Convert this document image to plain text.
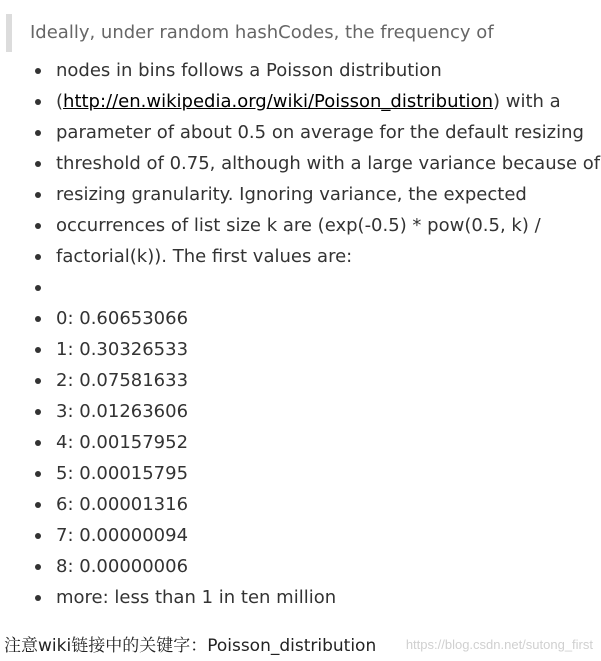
Ideally, under random hashCodes, the frequency of
nodes in bins follows a Poisson distribution
(http://en.wikipedia.org/wiki/Poisson_distribution) with a
parameter of about 0.5 on average for the default resizing
threshold of 0.75, although with a large variance because of
resizing granularity. Ignoring variance, the expected
occurrences of list size k are (exp(-0.5) * pow(0.5, k) /
factorial(k)). The first values are:
0: 0.60653066
1: 0.30326533
2: 0.07581633
3: 0.01263606
4: 0.00157952
5: 0.00015795
6: 0.00001316
7: 0.00000094
8: 0.00000006
more: less than 1 in ten million
注意wiki链接中的关键字：Poisson_distribution https://blog.csdn.net/sutong_first
